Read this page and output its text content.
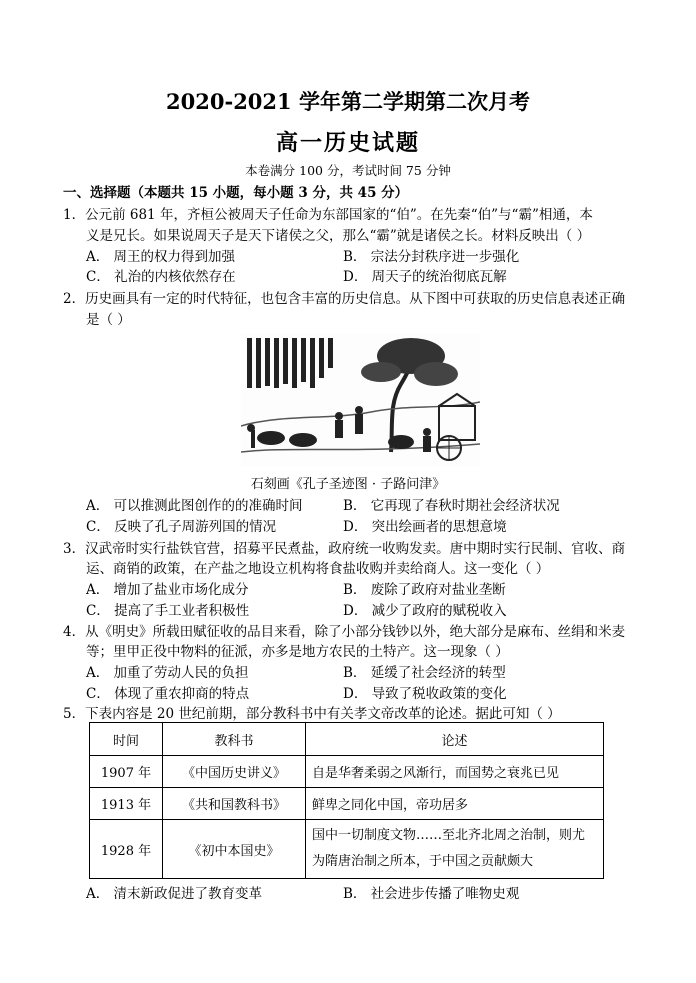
2020-2021 学年第二学期第二次月考
高一历史试题
本卷满分 100 分，考试时间 75 分钟
一、选择题（本题共 15 小题，每小题 3 分，共 45 分）
1．公元前 681 年，齐桓公被周天子任命为东部国家的“伯”。在先秦“伯”与“霸”相通，本
义是兄长。如果说周天子是天下诸侯之父，那么“霸”就是诸侯之长。材料反映出（ ）
A． 周王的权力得到加强	B． 宗法分封秩序进一步强化
C． 礼治的内核依然存在	D． 周天子的统治彻底瓦解
2．历史画具有一定的时代特征，也包含丰富的历史信息。从下图中可获取的历史信息表述正确
是（ ）
石刻画《孔子圣迹图 · 子路问津》
A． 可以推测此图创作的的准确时间	B． 它再现了春秋时期社会经济状况
C． 反映了孔子周游列国的情况	D． 突出绘画者的思想意境
3．汉武帝时实行盐铁官营，招募平民煮盐，政府统一收购发卖。唐中期时实行民制、官收、商
运、商销的政策，在产盐之地设立机构将食盐收购并卖给商人。这一变化（ ）
A． 增加了盐业市场化成分	B． 废除了政府对盐业垄断
C． 提高了手工业者积极性	D． 减少了政府的赋税收入
4．从《明史》所载田赋征收的品目来看，除了小部分钱钞以外，绝大部分是麻布、丝绢和米麦
等；里甲正役中物料的征派，亦多是地方农民的土特产。这一现象（ ）
A． 加重了劳动人民的负担	B． 延缓了社会经济的转型
C． 体现了重农抑商的特点	D． 导致了税收政策的变化
5．下表内容是 20 世纪前期，部分教科书中有关孝文帝改革的论述。据此可知（ ）
时间	教科书	论述
1907 年	《中国历史讲义》	自是华奢柔弱之风渐行，而国势之衰兆已见
1913 年	《共和国教科书》	鲜卑之同化中国，帝功居多
1928 年	《初中本国史》	国中一切制度文物……至北齐北周之治制，则尤
为隋唐治制之所本，于中国之贡献颇大
A． 清末新政促进了教育变革	B． 社会进步传播了唯物史观
